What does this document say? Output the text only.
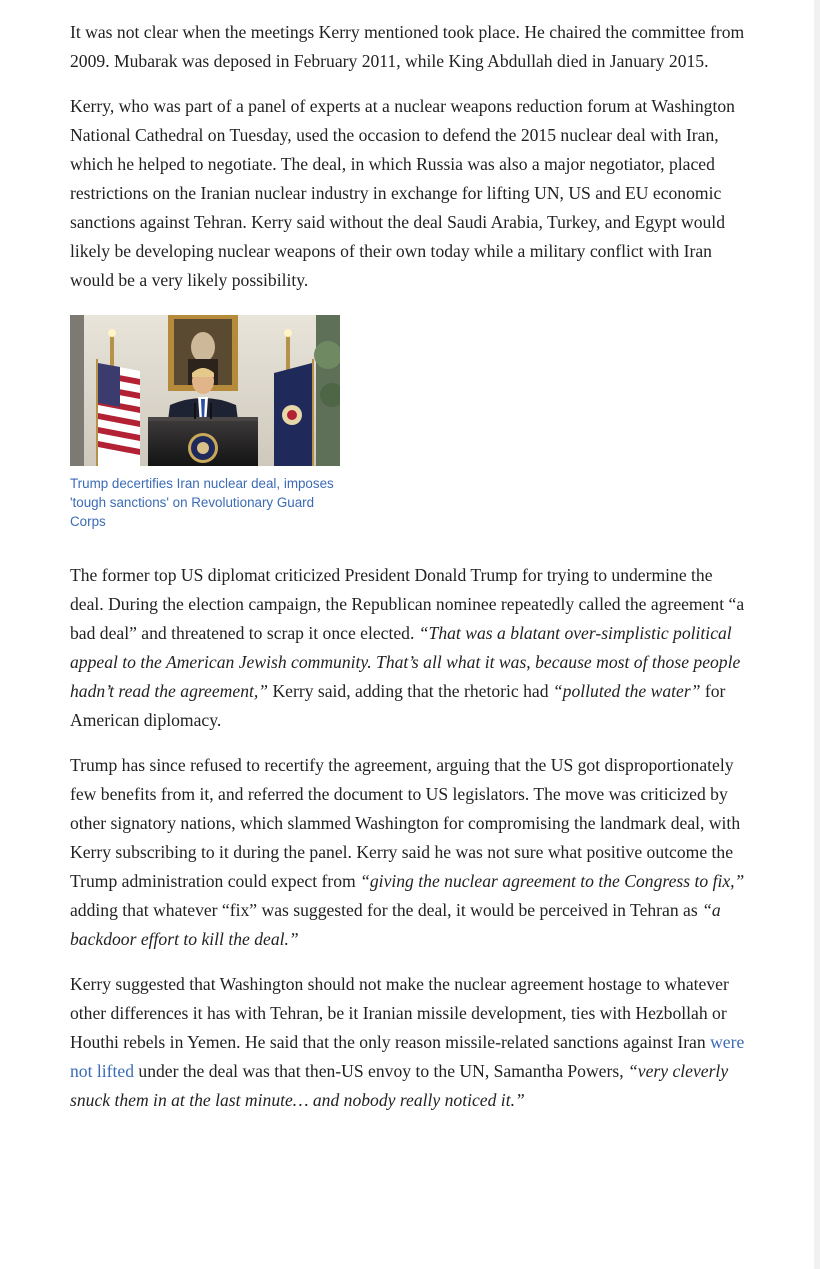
It was not clear when the meetings Kerry mentioned took place. He chaired the committee from 2009. Mubarak was deposed in February 2011, while King Abdullah died in January 2015.

Kerry, who was part of a panel of experts at a nuclear weapons reduction forum at Washington National Cathedral on Tuesday, used the occasion to defend the 2015 nuclear deal with Iran, which he helped to negotiate. The deal, in which Russia was also a major negotiator, placed restrictions on the Iranian nuclear industry in exchange for lifting UN, US and EU economic sanctions against Tehran. Kerry said without the deal Saudi Arabia, Turkey, and Egypt would likely be developing nuclear weapons of their own today while a military conflict with Iran would be a very likely possibility.

Trump decertifies Iran nuclear deal, imposes 'tough sanctions' on Revolutionary Guard Corps

The former top US diplomat criticized President Donald Trump for trying to undermine the deal. During the election campaign, the Republican nominee repeatedly called the agreement “a bad deal” and threatened to scrap it once elected. “That was a blatant over-simplistic political appeal to the American Jewish community. That’s all what it was, because most of those people hadn’t read the agreement,” Kerry said, adding that the rhetoric had “polluted the water” for American diplomacy.

Trump has since refused to recertify the agreement, arguing that the US got disproportionately few benefits from it, and referred the document to US legislators. The move was criticized by other signatory nations, which slammed Washington for compromising the landmark deal, with Kerry subscribing to it during the panel. Kerry said he was not sure what positive outcome the Trump administration could expect from “giving the nuclear agreement to the Congress to fix,” adding that whatever “fix” was suggested for the deal, it would be perceived in Tehran as “a backdoor effort to kill the deal.”

Kerry suggested that Washington should not make the nuclear agreement hostage to whatever other differences it has with Tehran, be it Iranian missile development, ties with Hezbollah or Houthi rebels in Yemen. He said that the only reason missile-related sanctions against Iran were not lifted under the deal was that then-US envoy to the UN, Samantha Powers, “very cleverly snuck them in at the last minute… and nobody really noticed it.”
